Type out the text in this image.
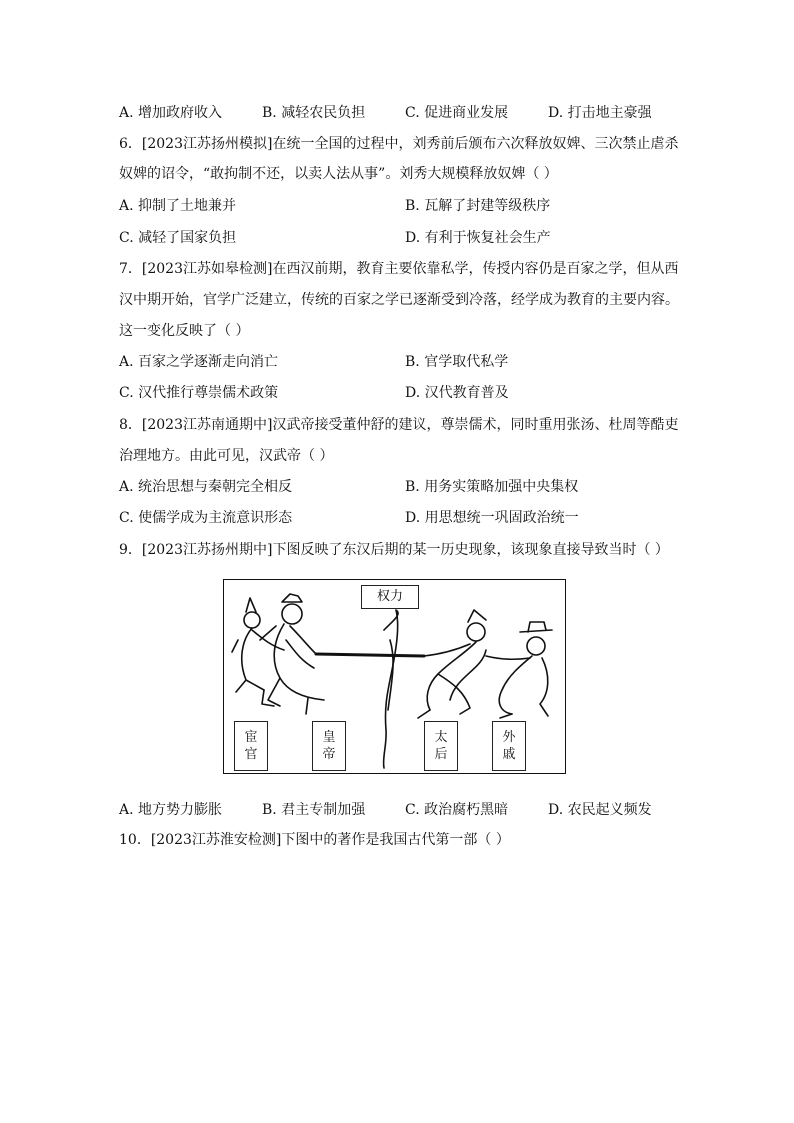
A. 增加政府收入	B. 减轻农民负担	C. 促进商业发展	D. 打击地主豪强
6．[2023江苏扬州模拟]在统一全国的过程中，刘秀前后颁布六次释放奴婢、三次禁止虐杀
奴婢的诏令，“敢拘制不还，以卖人法从事”。刘秀大规模释放奴婢（ ）
A. 抑制了土地兼并	B. 瓦解了封建等级秩序
C. 减轻了国家负担	D. 有利于恢复社会生产
7．[2023江苏如皋检测]在西汉前期，教育主要依靠私学，传授内容仍是百家之学，但从西
汉中期开始，官学广泛建立，传统的百家之学已逐渐受到冷落，经学成为教育的主要内容。
这一变化反映了（ ）
A. 百家之学逐渐走向消亡	B. 官学取代私学
C. 汉代推行尊崇儒术政策	D. 汉代教育普及
8．[2023江苏南通期中]汉武帝接受董仲舒的建议，尊崇儒术，同时重用张汤、杜周等酷吏
治理地方。由此可见，汉武帝（ ）
A. 统治思想与秦朝完全相反	B. 用务实策略加强中央集权
C. 使儒学成为主流意识形态	D. 用思想统一巩固政治统一
9．[2023江苏扬州期中]下图反映了东汉后期的某一历史现象，该现象直接导致当时（ ）
权力
宦官
皇帝
太后
外戚
A. 地方势力膨胀	B. 君主专制加强	C. 政治腐朽黑暗	D. 农民起义频发
10．[2023江苏淮安检测]下图中的著作是我国古代第一部（ ）
